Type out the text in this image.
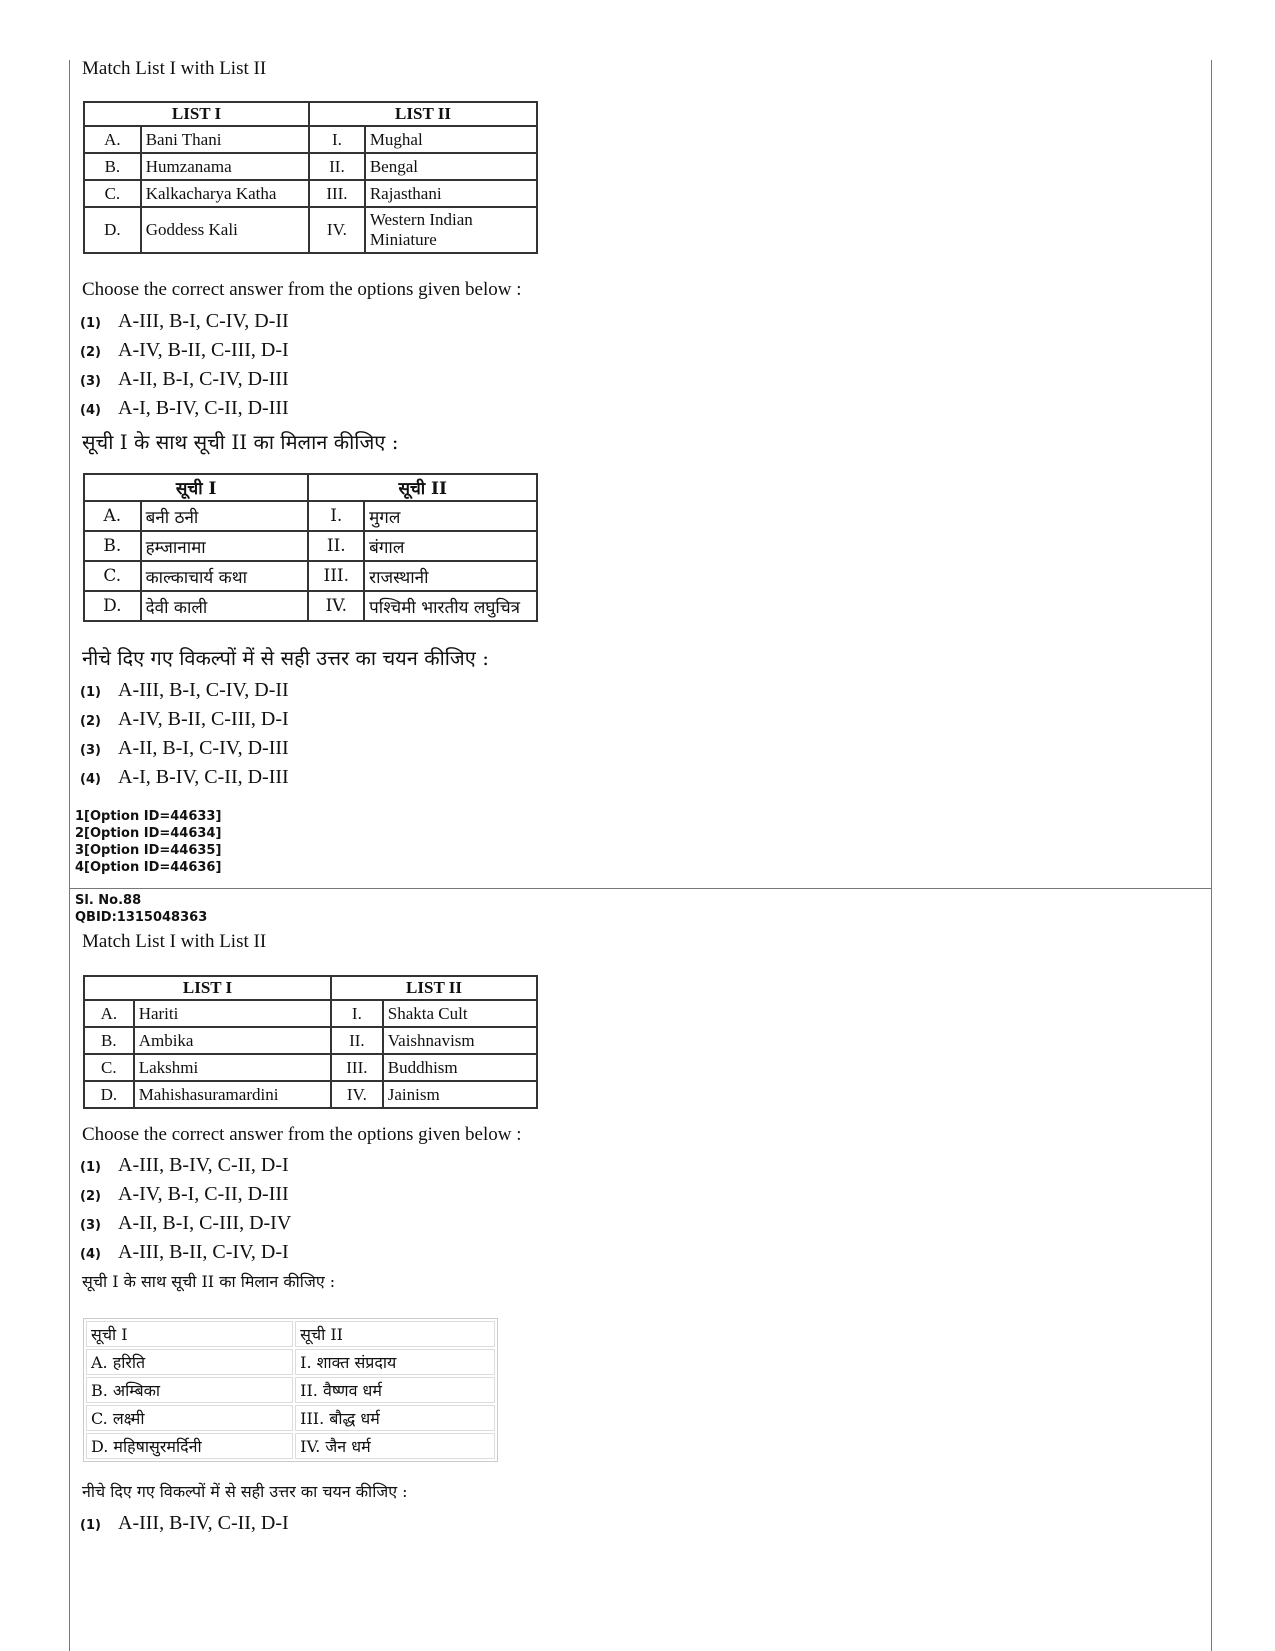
Match List I with List II
LIST I		LIST II	
A.	Bani Thani	I.	Mughal
B.	Humzanama	II.	Bengal
C.	Kalkacharya Katha	III.	Rajasthani
D.	Goddess Kali	IV.	Western Indian Miniature
Choose the correct answer from the options given below :
(1) A-III, B-I, C-IV, D-II
(2) A-IV, B-II, C-III, D-I
(3) A-II, B-I, C-IV, D-III
(4) A-I, B-IV, C-II, D-III
सूची I के साथ सूची II का मिलान कीजिए :
सूची I		सूची II	
A.	बनी ठनी	I.	मुगल
B.	हम्जानामा	II.	बंगाल
C.	काल्काचार्य कथा	III.	राजस्थानी
D.	देवी काली	IV.	पश्चिमी भारतीय लघुचित्र
नीचे दिए गए विकल्पों में से सही उत्तर का चयन कीजिए :
(1) A-III, B-I, C-IV, D-II
(2) A-IV, B-II, C-III, D-I
(3) A-II, B-I, C-IV, D-III
(4) A-I, B-IV, C-II, D-III
1[Option ID=44633]
2[Option ID=44634]
3[Option ID=44635]
4[Option ID=44636]
Sl. No.88
QBID:1315048363
Match List I with List II
LIST I		LIST II	
A.	Hariti	I.	Shakta Cult
B.	Ambika	II.	Vaishnavism
C.	Lakshmi	III.	Buddhism
D.	Mahishasuramardini	IV.	Jainism
Choose the correct answer from the options given below :
(1) A-III, B-IV, C-II, D-I
(2) A-IV, B-I, C-II, D-III
(3) A-II, B-I, C-III, D-IV
(4) A-III, B-II, C-IV, D-I
सूची I के साथ सूची II का मिलान कीजिए :
सूची I	सूची II
A. हरिति	I. शाक्त संप्रदाय
B. अम्बिका	II. वैष्णव धर्म
C. लक्ष्मी	III. बौद्ध धर्म
D. महिषासुरमर्दिनी	IV. जैन धर्म
नीचे दिए गए विकल्पों में से सही उत्तर का चयन कीजिए :
(1) A-III, B-IV, C-II, D-I
